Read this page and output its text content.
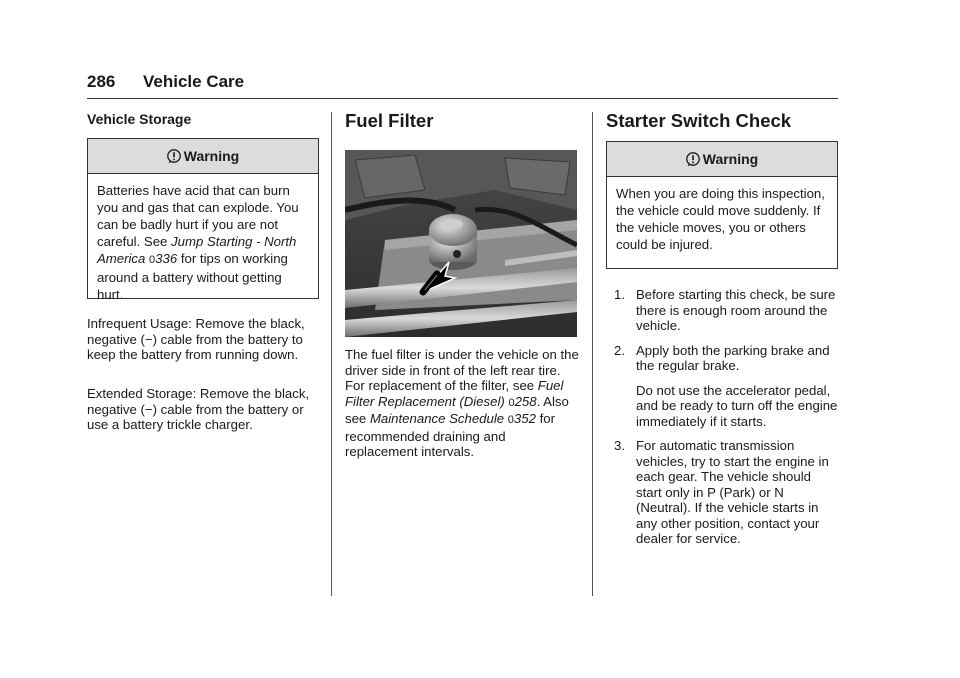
286 Vehicle Care
Vehicle Storage
Warning
Batteries have acid that can burn you and gas that can explode. You can be badly hurt if you are not careful. See Jump Starting - North America 0336 for tips on working around a battery without getting hurt.
Infrequent Usage: Remove the black, negative (−) cable from the battery to keep the battery from running down.
Extended Storage: Remove the black, negative (−) cable from the battery or use a battery trickle charger.
Fuel Filter
The fuel filter is under the vehicle on the driver side in front of the left rear tire. For replacement of the filter, see Fuel Filter Replacement (Diesel) 0258. Also see Maintenance Schedule 0352 for recommended draining and replacement intervals.
Starter Switch Check
Warning
When you are doing this inspection, the vehicle could move suddenly. If the vehicle moves, you or others could be injured.
1. Before starting this check, be sure there is enough room around the vehicle.

2. Apply both the parking brake and the regular brake.

Do not use the accelerator pedal, and be ready to turn off the engine immediately if it starts.

3. For automatic transmission vehicles, try to start the engine in each gear. The vehicle should start only in P (Park) or N (Neutral). If the vehicle starts in any other position, contact your dealer for service.
